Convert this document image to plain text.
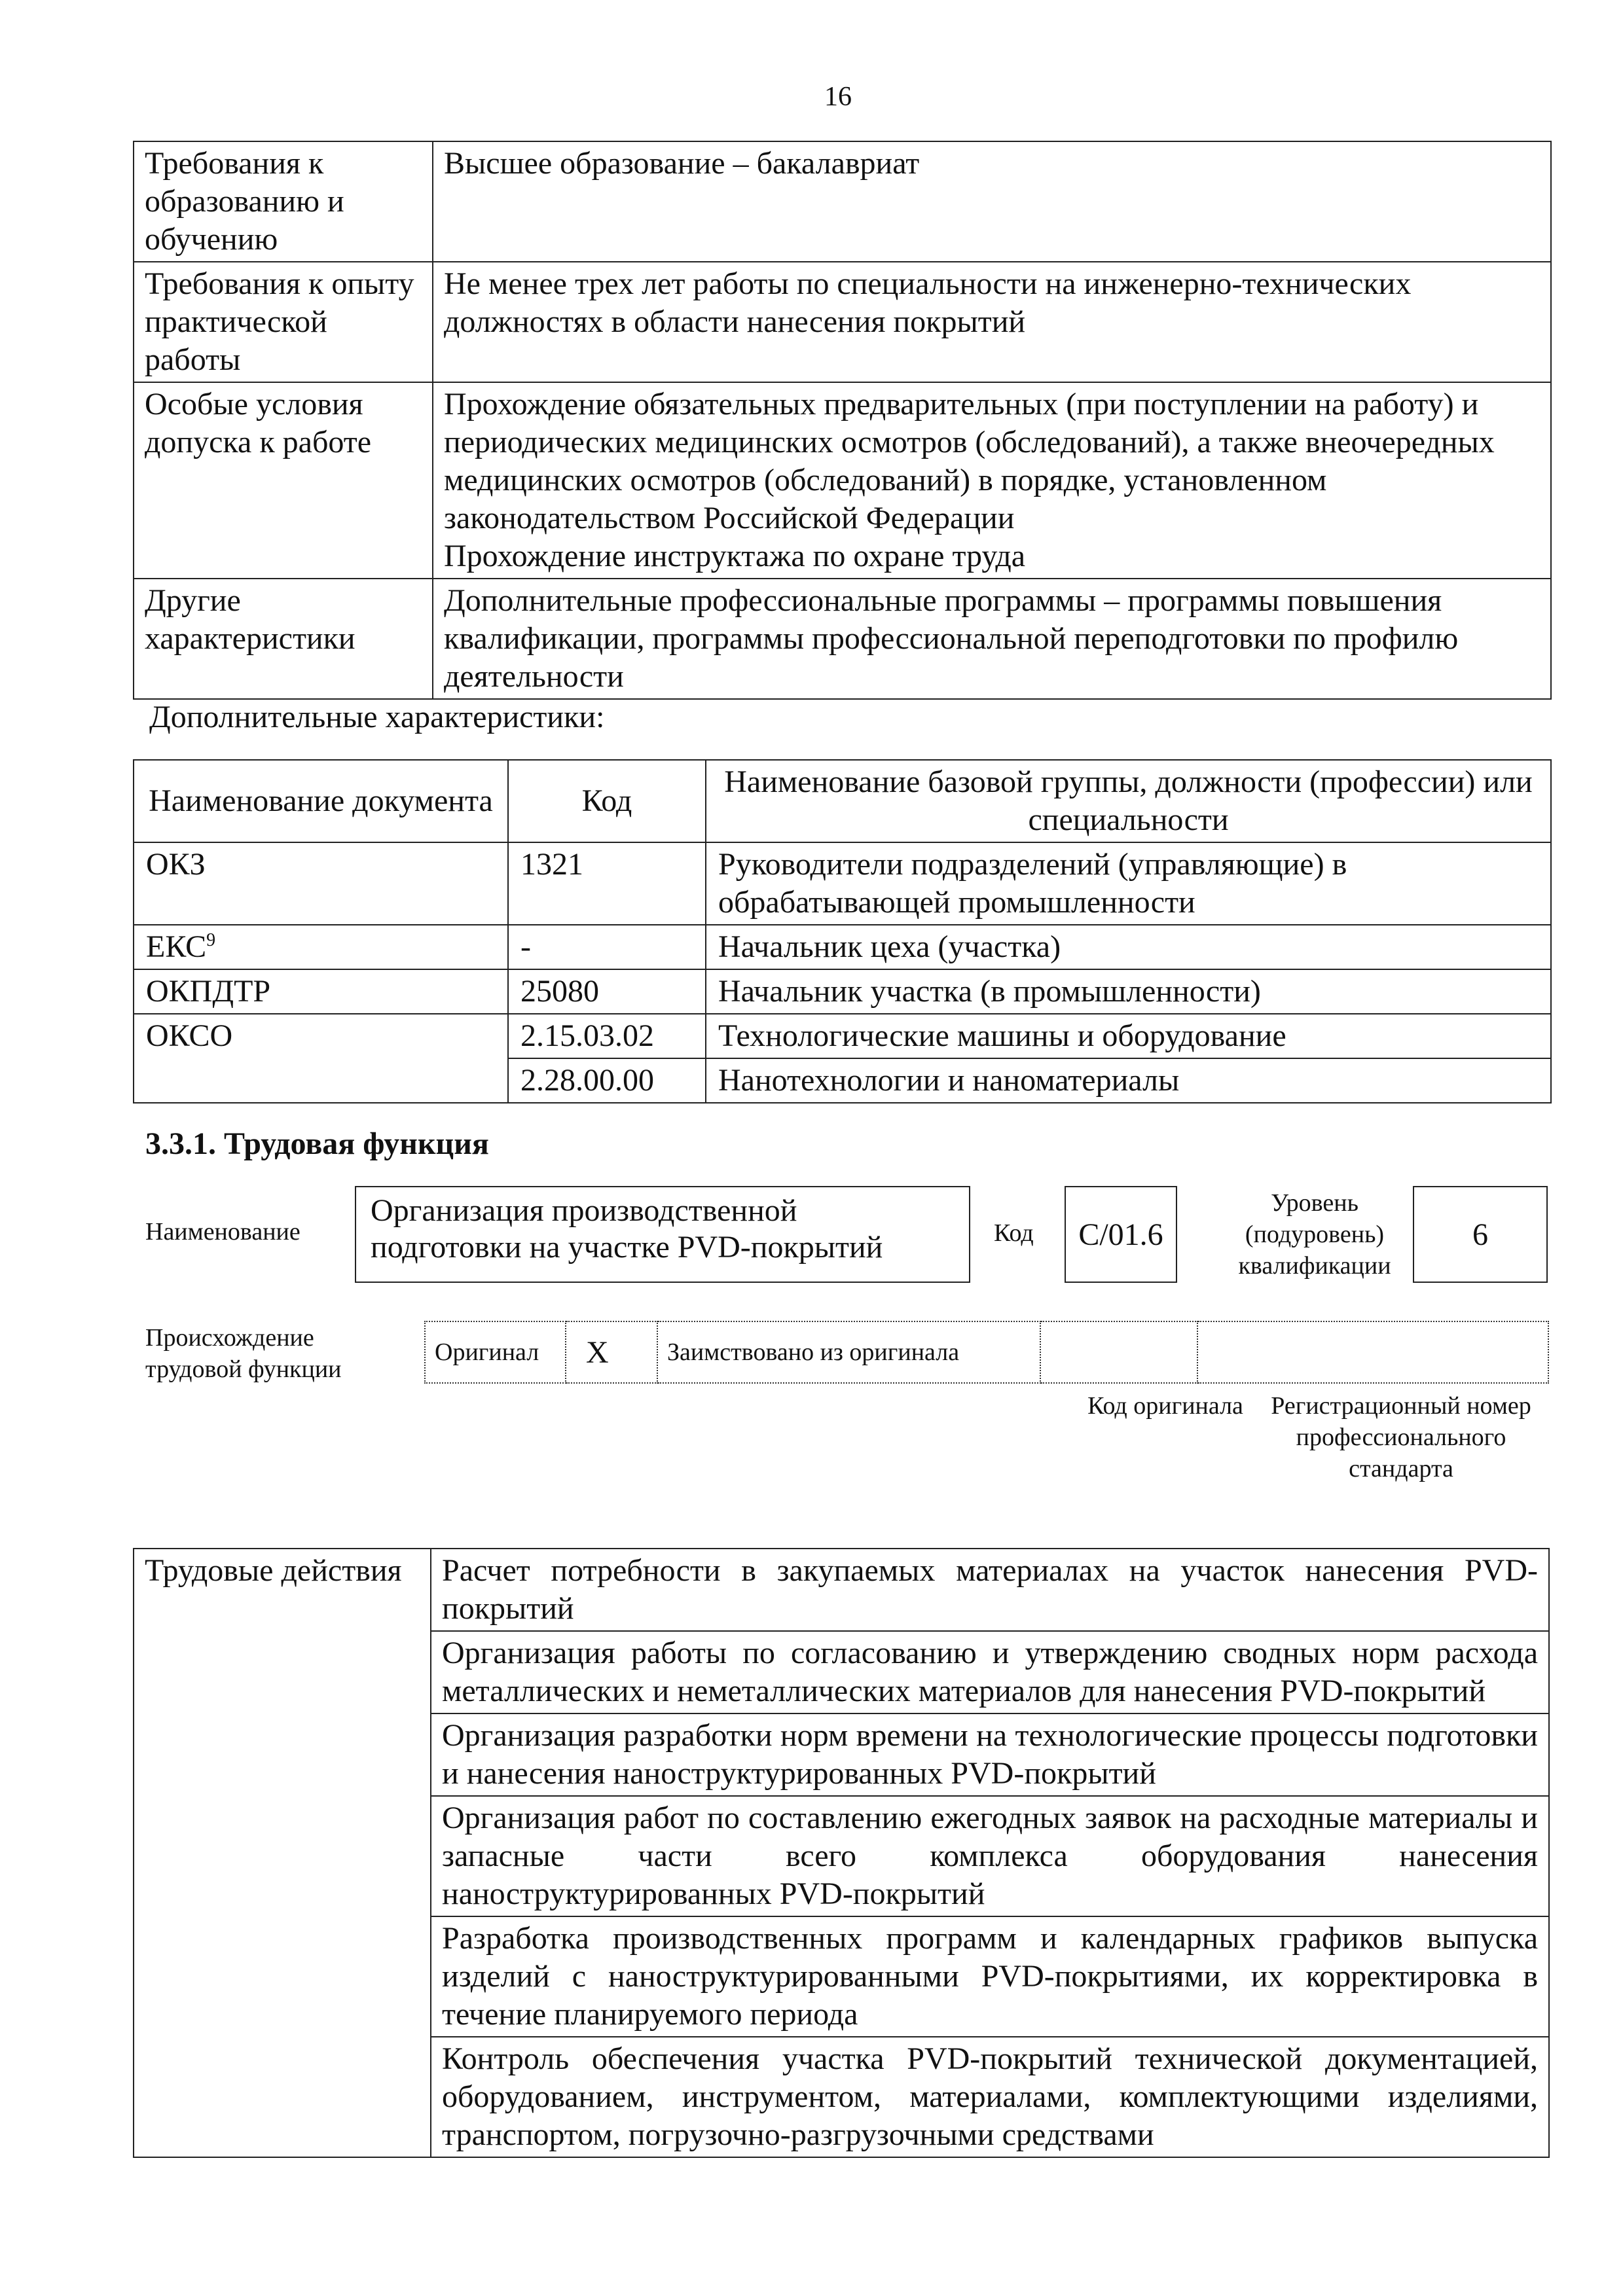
16
Требования к образованию и обучению	Высшее образование – бакалавриат
Требования к опыту практической работы	Не менее трех лет работы по специальности на инженерно-технических должностях в области нанесения покрытий
Особые условия допуска к работе	Прохождение обязательных предварительных (при поступлении на работу) и периодических медицинских осмотров (обследований), а также внеочередных медицинских осмотров (обследований) в порядке, установленном законодательством Российской Федерации
Прохождение инструктажа по охране труда

Другие характеристики	Дополнительные профессиональные программы – программы повышения квалификации, программы профессиональной переподготовки по профилю деятельности
Дополнительные характеристики:
Наименование документа	Код	Наименование базовой группы, должности (профессии) или специальности
ОКЗ	1321	Руководители подразделений (управляющие) в обрабатывающей промышленности
ЕКС$^9$	-	Начальник цеха (участка)
ОКПДТР	25080	Начальник участка (в промышленности)
ОКСО	2.15.03.02	Технологические машины и оборудование
	2.28.00.00	Нанотехнологии и наноматериалы
3.3.1. Трудовая функция
Наименование
Организация производственной подготовки на участке PVD-покрытий	Код	C/01.6
Уровень (подуровень) квалификации
6
Происхождение трудовой функции
Оригинал	X	Заимствовано из оригинала		
Код оригинала	Регистрационный номер профессионального стандарта
Трудовые действия	Расчет потребности в закупаемых материалах на участок нанесения PVD-покрытий
Организация работы по согласованию и утверждению сводных норм расхода металлических и неметаллических материалов для нанесения PVD-покрытий
Организация разработки норм времени на технологические процессы подготовки и нанесения наноструктурированных PVD-покрытий
Организация работ по составлению ежегодных заявок на расходные материалы и запасные части всего комплекса оборудования нанесения наноструктурированных PVD-покрытий
Разработка производственных программ и календарных графиков выпуска изделий с наноструктурированными PVD-покрытиями, их корректировка в течение планируемого периода
Контроль обеспечения участка PVD-покрытий технической документацией, оборудованием, инструментом, материалами, комплектующими изделиями, транспортом, погрузочно-разгрузочными средствами
